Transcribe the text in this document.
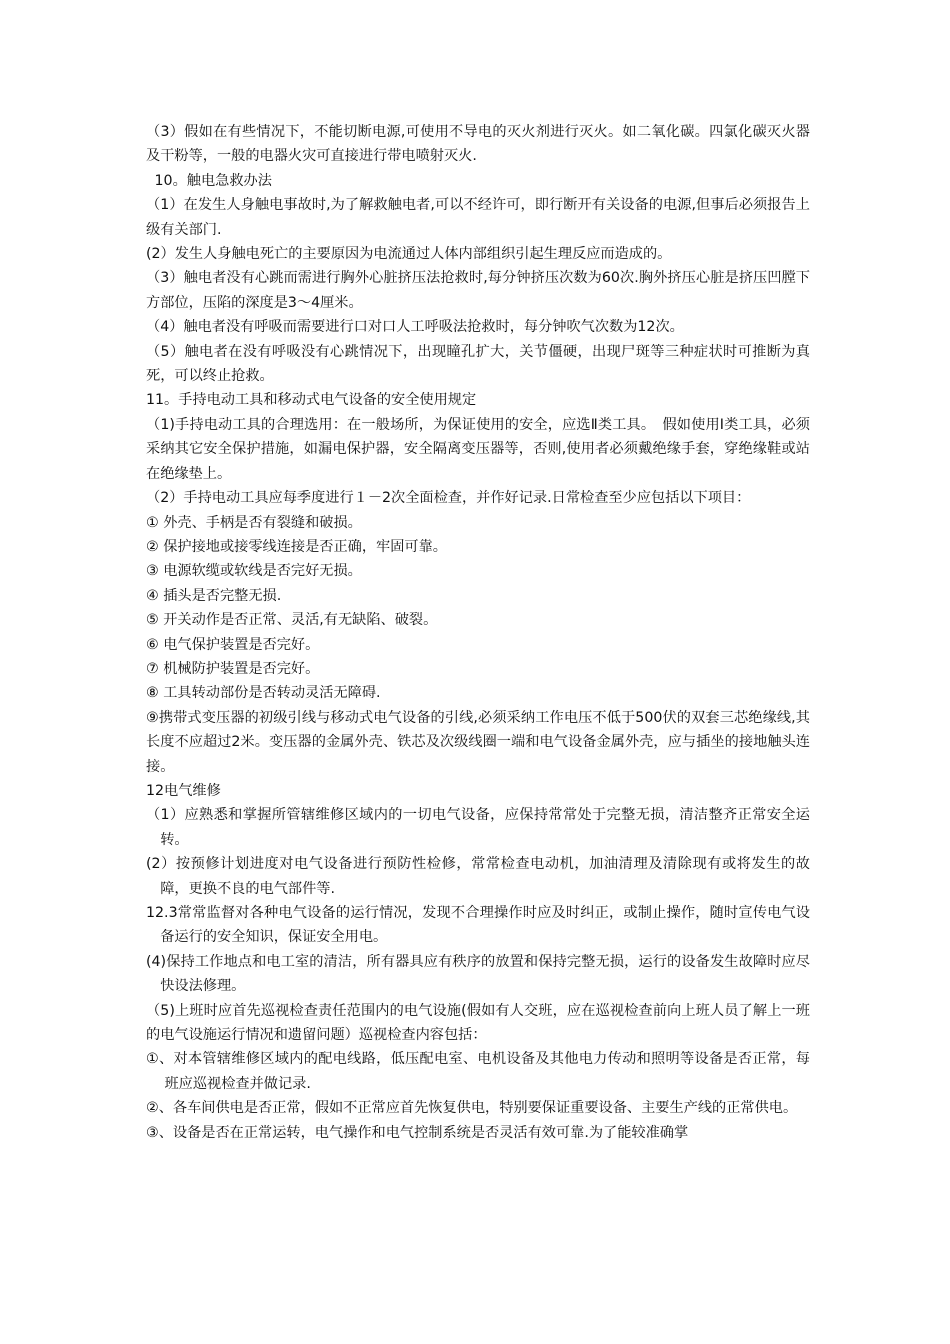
（3）假如在有些情况下，不能切断电源,可使用不导电的灭火剂进行灭火。如二氧化碳。四氯化碳灭火器及干粉等，一般的电器火灾可直接进行带电喷射灭火.

10。触电急救办法

（1）在发生人身触电事故时,为了解救触电者,可以不经许可，即行断开有关设备的电源,但事后必须报告上级有关部门.

(2）发生人身触电死亡的主要原因为电流通过人体内部组织引起生理反应而造成的。

（3）触电者没有心跳而需进行胸外心脏挤压法抢救时,每分钟挤压次数为60次.胸外挤压心脏是挤压凹膛下方部位，压陷的深度是3～4厘米。

（4）触电者没有呼吸而需要进行口对口人工呼吸法抢救时，每分钟吹气次数为12次。

（5）触电者在没有呼吸没有心跳情况下，出现瞳孔扩大，关节僵硬，出现尸斑等三种症状时可推断为真死，可以终止抢救。

11。手持电动工具和移动式电气设备的安全使用规定

（1)手持电动工具的合理选用：在一般场所，为保证使用的安全，应选Ⅱ类工具。　假如使用Ⅰ类工具，必须采纳其它安全保护措施，如漏电保护器，安全隔离变压器等，否则,使用者必须戴绝缘手套，穿绝缘鞋或站在绝缘垫上。

（2）手持电动工具应每季度进行１－2次全面检查，并作好记录.日常检查至少应包括以下项目：

① 外壳、手柄是否有裂缝和破损。

② 保护接地或接零线连接是否正确，牢固可靠。

③ 电源软缆或软线是否完好无损。

④ 插头是否完整无损.

⑤ 开关动作是否正常、灵活,有无缺陷、破裂。

⑥ 电气保护装置是否完好。

⑦ 机械防护装置是否完好。

⑧ 工具转动部份是否转动灵活无障碍.

⑨携带式变压器的初级引线与移动式电气设备的引线,必须采纳工作电压不低于500伏的双套三芯绝缘线,其长度不应超过2米。变压器的金属外壳、铁芯及次级线圈一端和电气设备金属外壳，应与插坐的接地触头连接。

12电气维修

（1）应熟悉和掌握所管辖维修区域内的一切电气设备，应保持常常处于完整无损，清洁整齐正常安全运转。

(2）按预修计划进度对电气设备进行预防性检修，常常检查电动机，加油清理及清除现有或将发生的故障，更换不良的电气部件等.

12.3常常监督对各种电气设备的运行情况，发现不合理操作时应及时纠正，或制止操作，随时宣传电气设备运行的安全知识，保证安全用电。

(4)保持工作地点和电工室的清洁，所有器具应有秩序的放置和保持完整无损，运行的设备发生故障时应尽快设法修理。

（5)上班时应首先巡视检查责任范围内的电气设施(假如有人交班，应在巡视检查前向上班人员了解上一班的电气设施运行情况和遗留问题）巡视检查内容包括：

①、对本管辖维修区域内的配电线路，低压配电室、电机设备及其他电力传动和照明等设备是否正常，每班应巡视检查并做记录.

②、各车间供电是否正常，假如不正常应首先恢复供电，特别要保证重要设备、主要生产线的正常供电。

③、设备是否在正常运转，电气操作和电气控制系统是否灵活有效可靠.为了能较准确掌
